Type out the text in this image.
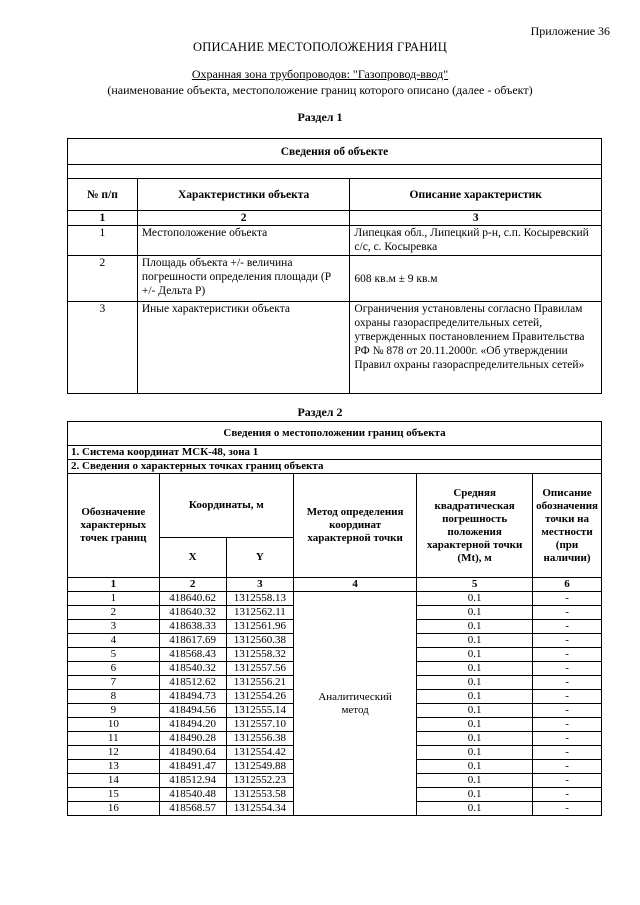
Приложение 36
ОПИСАНИЕ МЕСТОПОЛОЖЕНИЯ ГРАНИЦ
Охранная зона трубопроводов: "Газопровод-ввод"
(наименование объекта, местоположение границ которого описано (далее - объект)
Раздел 1
Сведения об объекте		

№ п/п	Характеристики объекта	Описание характеристик
1	2	3
1	Местоположение объекта	Липецкая обл., Липецкий р-н, с.п. Косыревский с/с, с. Косыревка
2	Площадь объекта +/- величина погрешности определения площади (Р +/- Дельта Р)	608 кв.м ± 9 кв.м
3	Иные характеристики объекта	Ограничения установлены согласно Правилам охраны газораспределительных сетей, утвержденных постановлением Правительства РФ № 878 от 20.11.2000г. «Об утверждении Правил охраны газораспределительных сетей»
Раздел 2
Сведения о местоположении границ объекта					
1. Система координат МСК-48, зона 1					
2. Сведения о характерных точках границ объекта					
Обозначение характерных точек границ	Координаты, м		Метод определения координат характерной точки	Средняя квадратическая погрешность положения характерной точки (Mt), м	Описание обозначения точки на местности (при наличии)
	X	Y			
1	2	3	4	5	6
1	418640.62	1312558.13	Аналитический метод	0.1	-
2	418640.32	1312562.11		0.1	-
3	418638.33	1312561.96		0.1	-
4	418617.69	1312560.38		0.1	-
5	418568.43	1312558.32		0.1	-
6	418540.32	1312557.56		0.1	-
7	418512.62	1312556.21		0.1	-
8	418494.73	1312554.26		0.1	-
9	418494.56	1312555.14		0.1	-
10	418494.20	1312557.10		0.1	-
11	418490.28	1312556.38		0.1	-
12	418490.64	1312554.42		0.1	-
13	418491.47	1312549.88		0.1	-
14	418512.94	1312552.23		0.1	-
15	418540.48	1312553.58		0.1	-
16	418568.57	1312554.34		0.1	-
